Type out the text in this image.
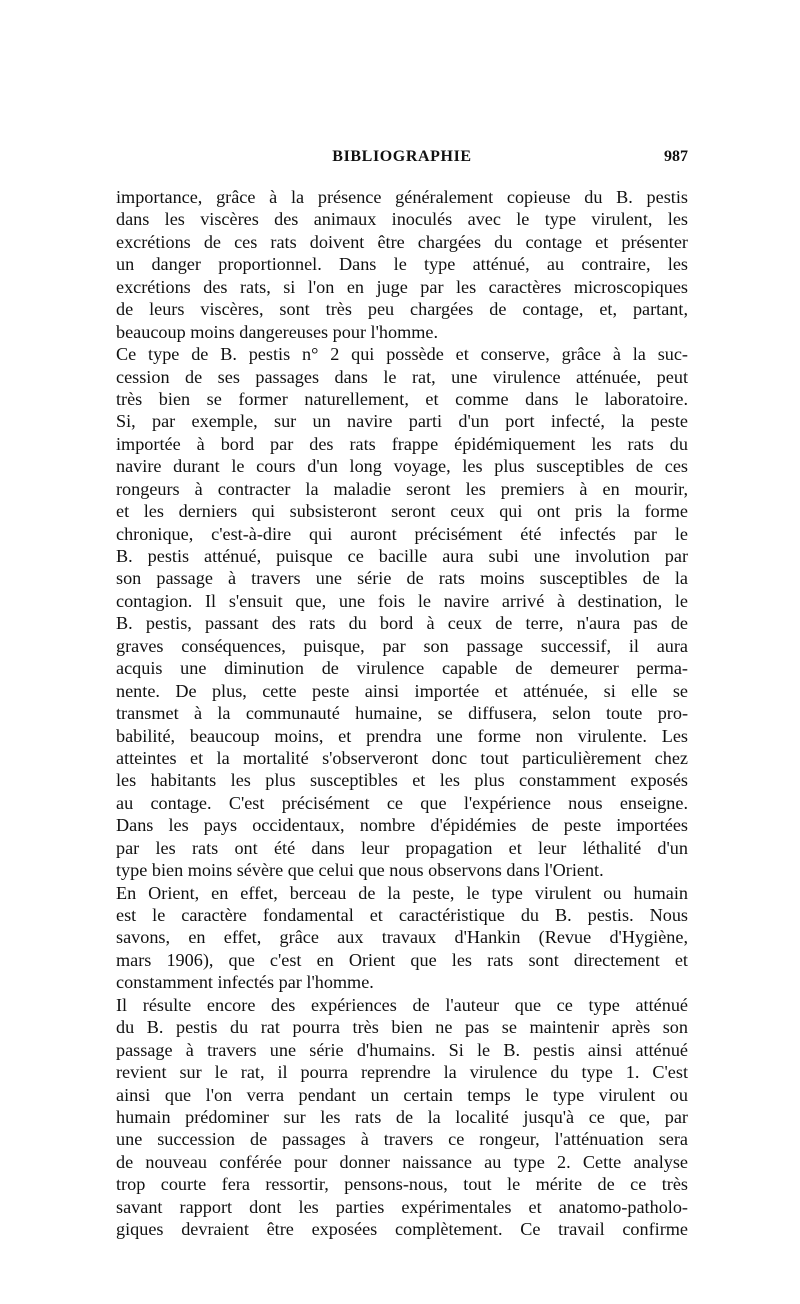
BIBLIOGRAPHIE	987
importance, grâce à la présence généralement copieuse du B. pestis
dans les viscères des animaux inoculés avec le type virulent, les
excrétions de ces rats doivent être chargées du contage et présenter
un danger proportionnel. Dans le type atténué, au contraire, les
excrétions des rats, si l'on en juge par les caractères microscopiques
de leurs viscères, sont très peu chargées de contage, et, partant,
beaucoup moins dangereuses pour l'homme.
Ce type de B. pestis n° 2 qui possède et conserve, grâce à la suc-
cession de ses passages dans le rat, une virulence atténuée, peut
très bien se former naturellement, et comme dans le laboratoire.
Si, par exemple, sur un navire parti d'un port infecté, la peste
importée à bord par des rats frappe épidémiquement les rats du
navire durant le cours d'un long voyage, les plus susceptibles de ces
rongeurs à contracter la maladie seront les premiers à en mourir,
et les derniers qui subsisteront seront ceux qui ont pris la forme
chronique, c'est-à-dire qui auront précisément été infectés par le
B. pestis atténué, puisque ce bacille aura subi une involution par
son passage à travers une série de rats moins susceptibles de la
contagion. Il s'ensuit que, une fois le navire arrivé à destination, le
B. pestis, passant des rats du bord à ceux de terre, n'aura pas de
graves conséquences, puisque, par son passage successif, il aura
acquis une diminution de virulence capable de demeurer perma-
nente. De plus, cette peste ainsi importée et atténuée, si elle se
transmet à la communauté humaine, se diffusera, selon toute pro-
babilité, beaucoup moins, et prendra une forme non virulente. Les
atteintes et la mortalité s'observeront donc tout particulièrement chez
les habitants les plus susceptibles et les plus constamment exposés
au contage. C'est précisément ce que l'expérience nous enseigne.
Dans les pays occidentaux, nombre d'épidémies de peste importées
par les rats ont été dans leur propagation et leur léthalité d'un
type bien moins sévère que celui que nous observons dans l'Orient.
En Orient, en effet, berceau de la peste, le type virulent ou humain
est le caractère fondamental et caractéristique du B. pestis. Nous
savons, en effet, grâce aux travaux d'Hankin (Revue d'Hygiène,
mars 1906), que c'est en Orient que les rats sont directement et
constamment infectés par l'homme.
Il résulte encore des expériences de l'auteur que ce type atténué
du B. pestis du rat pourra très bien ne pas se maintenir après son
passage à travers une série d'humains. Si le B. pestis ainsi atténué
revient sur le rat, il pourra reprendre la virulence du type 1. C'est
ainsi que l'on verra pendant un certain temps le type virulent ou
humain prédominer sur les rats de la localité jusqu'à ce que, par
une succession de passages à travers ce rongeur, l'atténuation sera
de nouveau conférée pour donner naissance au type 2. Cette analyse
trop courte fera ressortir, pensons-nous, tout le mérite de ce très
savant rapport dont les parties expérimentales et anatomo-patholo-
giques devraient être exposées complètement. Ce travail confirme
